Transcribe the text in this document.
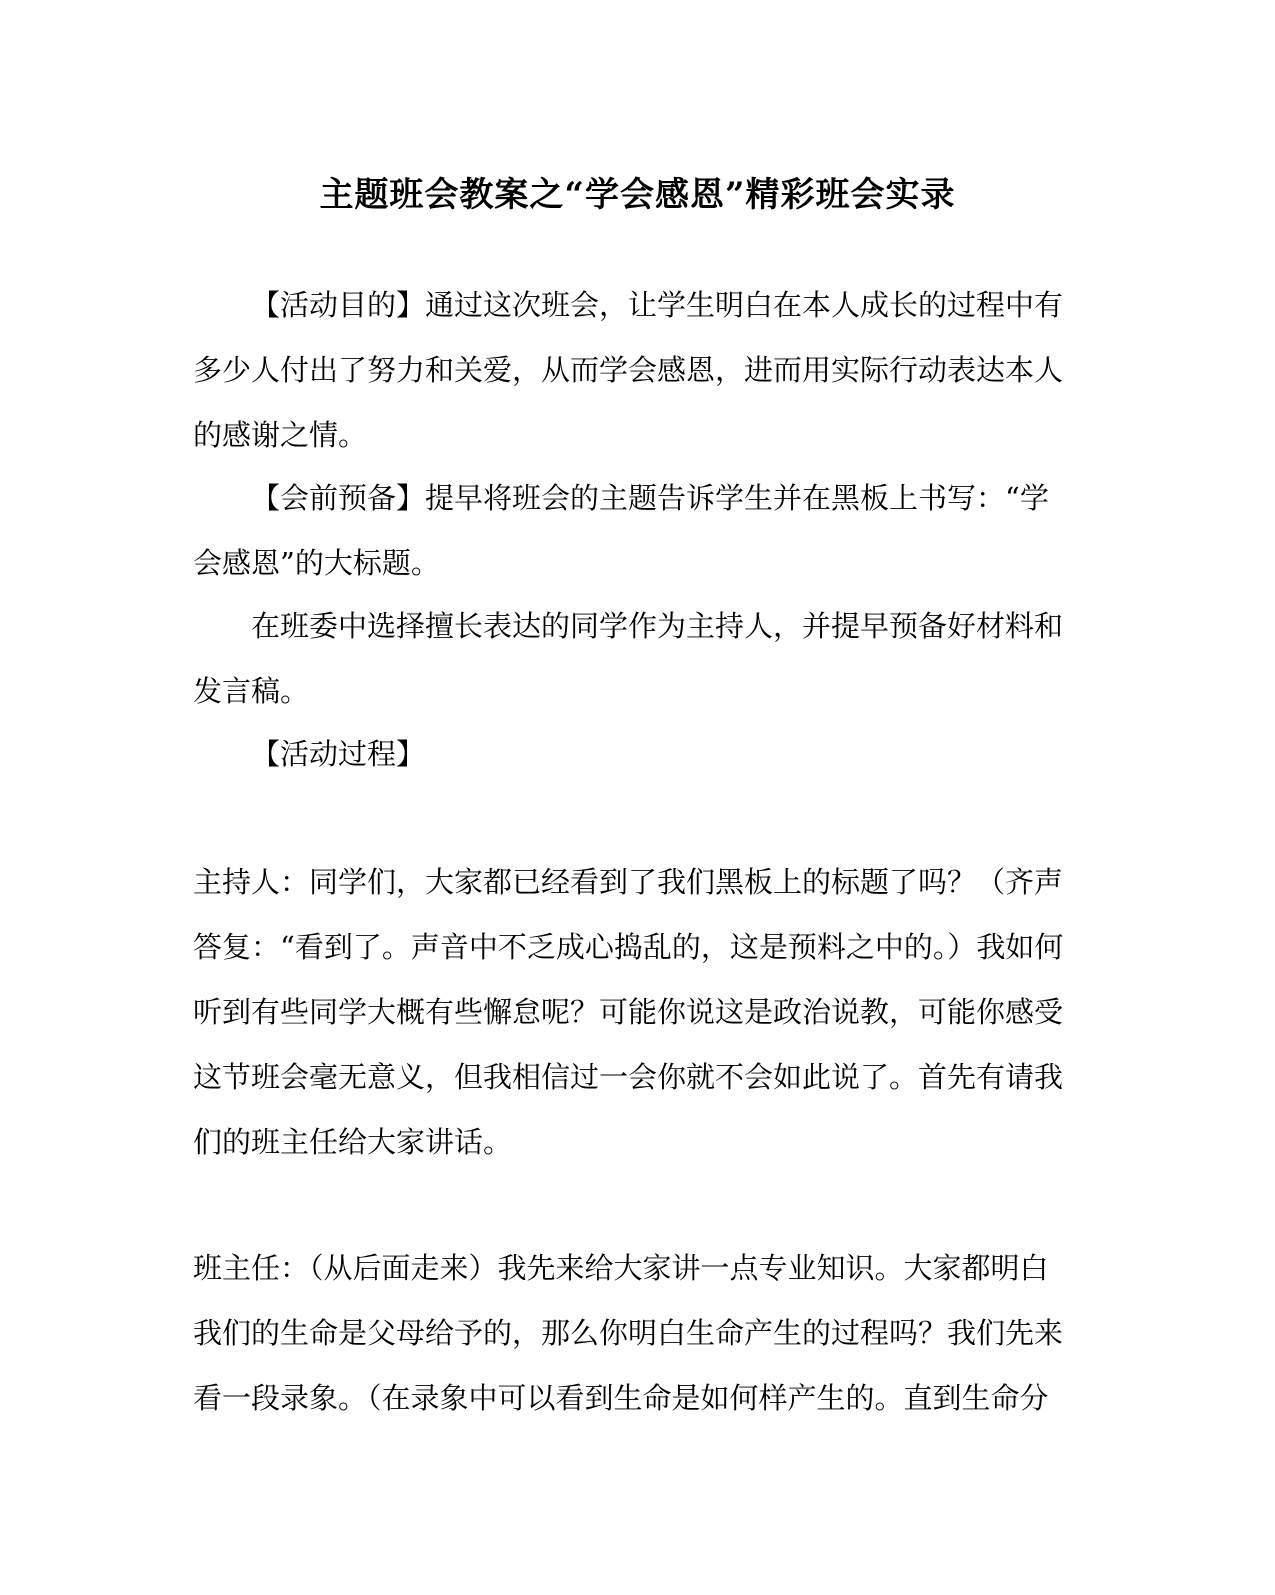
主题班会教案之“学会感恩”精彩班会实录

【活动目的】通过这次班会，让学生明白在本人成长的过程中有多少人付出了努力和关爱，从而学会感恩，进而用实际行动表达本人的感谢之情。

【会前预备】提早将班会的主题告诉学生并在黑板上书写：“学会感恩”的大标题。

在班委中选择擅长表达的同学作为主持人，并提早预备好材料和发言稿。

【活动过程】

主持人：同学们，大家都已经看到了我们黑板上的标题了吗？（齐声答复：“看到了。声音中不乏成心捣乱的，这是预料之中的。）我如何听到有些同学大概有些懈怠呢？可能你说这是政治说教，可能你感受这节班会毫无意义，但我相信过一会你就不会如此说了。首先有请我们的班主任给大家讲话。

班主任：（从后面走来）我先来给大家讲一点专业知识。大家都明白我们的生命是父母给予的，那么你明白生命产生的过程吗？我们先来看一段录象。（在录象中可以看到生命是如何样产生的。直到生命分
